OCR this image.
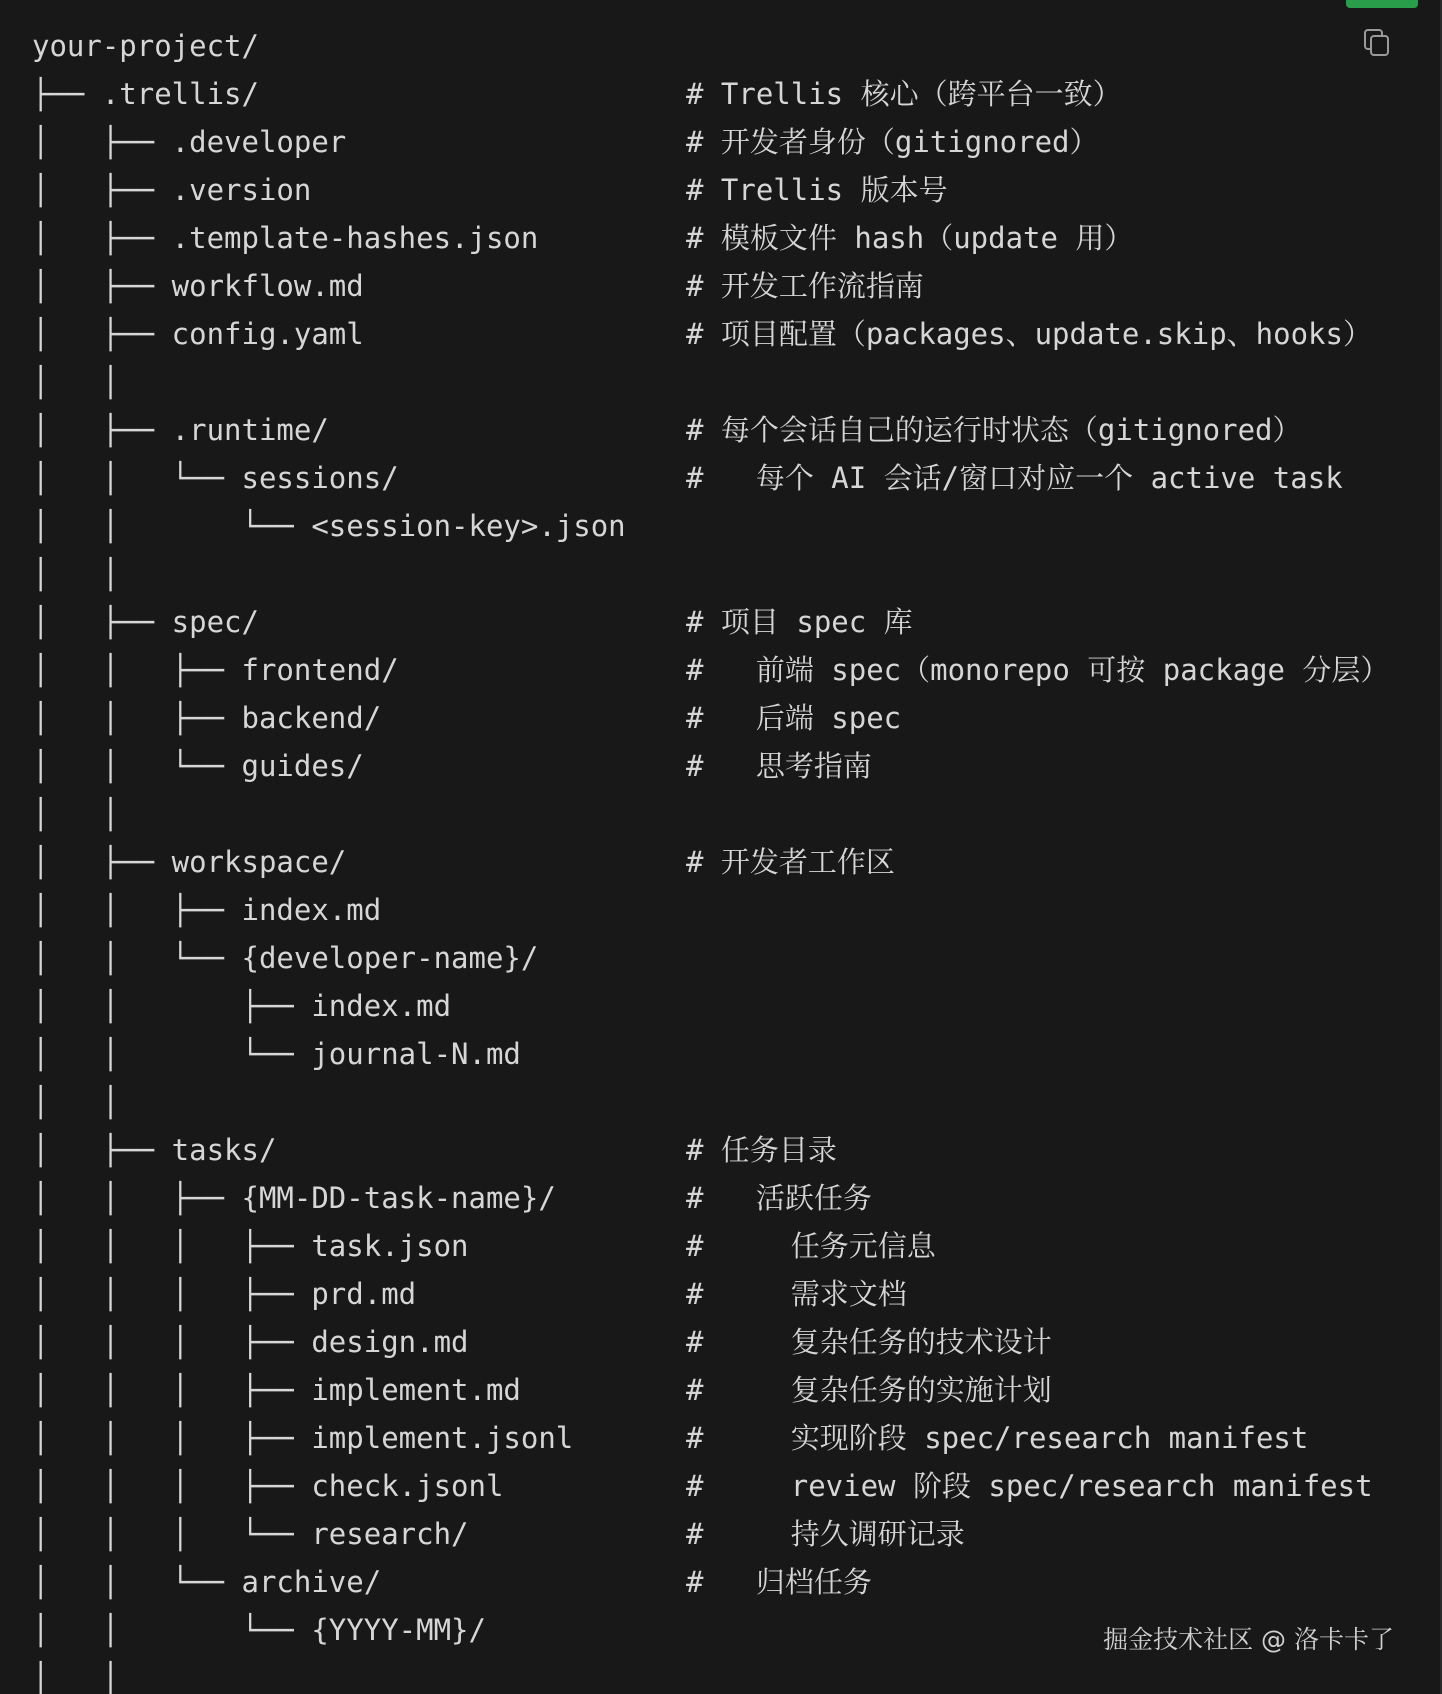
your-project/
├── .trellis/	# Trellis 核心（跨平台一致）
│   ├── .developer	# 开发者身份（gitignored）
│   ├── .version	# Trellis 版本号
│   ├── .template-hashes.json	# 模板文件 hash（update 用）
│   ├── workflow.md	# 开发工作流指南
│   ├── config.yaml	# 项目配置（packages、update.skip、hooks）
│   │
│   ├── .runtime/	# 每个会话自己的运行时状态（gitignored）
│   │   └── sessions/	#   每个 AI 会话/窗口对应一个 active task
│   │       └── <session-key>.json
│   │
│   ├── spec/	# 项目 spec 库
│   │   ├── frontend/	#   前端 spec（monorepo 可按 package 分层）
│   │   ├── backend/	#   后端 spec
│   │   └── guides/	#   思考指南
│   │
│   ├── workspace/	# 开发者工作区
│   │   ├── index.md
│   │   └── {developer-name}/
│   │       ├── index.md
│   │       └── journal-N.md
│   │
│   ├── tasks/	# 任务目录
│   │   ├── {MM-DD-task-name}/	#   活跃任务
│   │   │   ├── task.json	#     任务元信息
│   │   │   ├── prd.md	#     需求文档
│   │   │   ├── design.md	#     复杂任务的技术设计
│   │   │   ├── implement.md	#     复杂任务的实施计划
│   │   │   ├── implement.jsonl	#     实现阶段 spec/research manifest
│   │   │   ├── check.jsonl	#     review 阶段 spec/research manifest
│   │   │   └── research/	#     持久调研记录
│   │   └── archive/	#   归档任务
│   │       └── {YYYY-MM}/
│   │
掘金技术社区 @ 洛卡卡了
